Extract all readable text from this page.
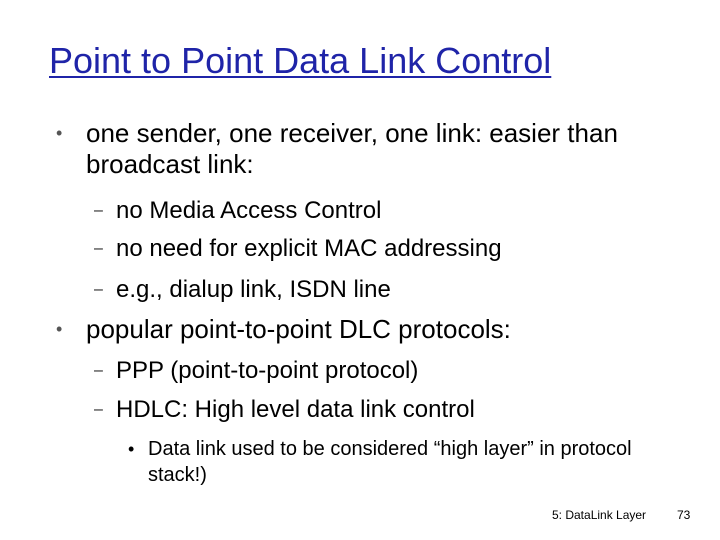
Point to Point Data Link Control
• one sender, one receiver, one link: easier than broadcast link:
– no Media Access Control
– no need for explicit MAC addressing
– e.g., dialup link, ISDN line
• popular point-to-point DLC protocols:
– PPP (point-to-point protocol)
– HDLC: High level data link control
• Data link used to be considered “high layer” in protocol stack!)
5: DataLink Layer	73
